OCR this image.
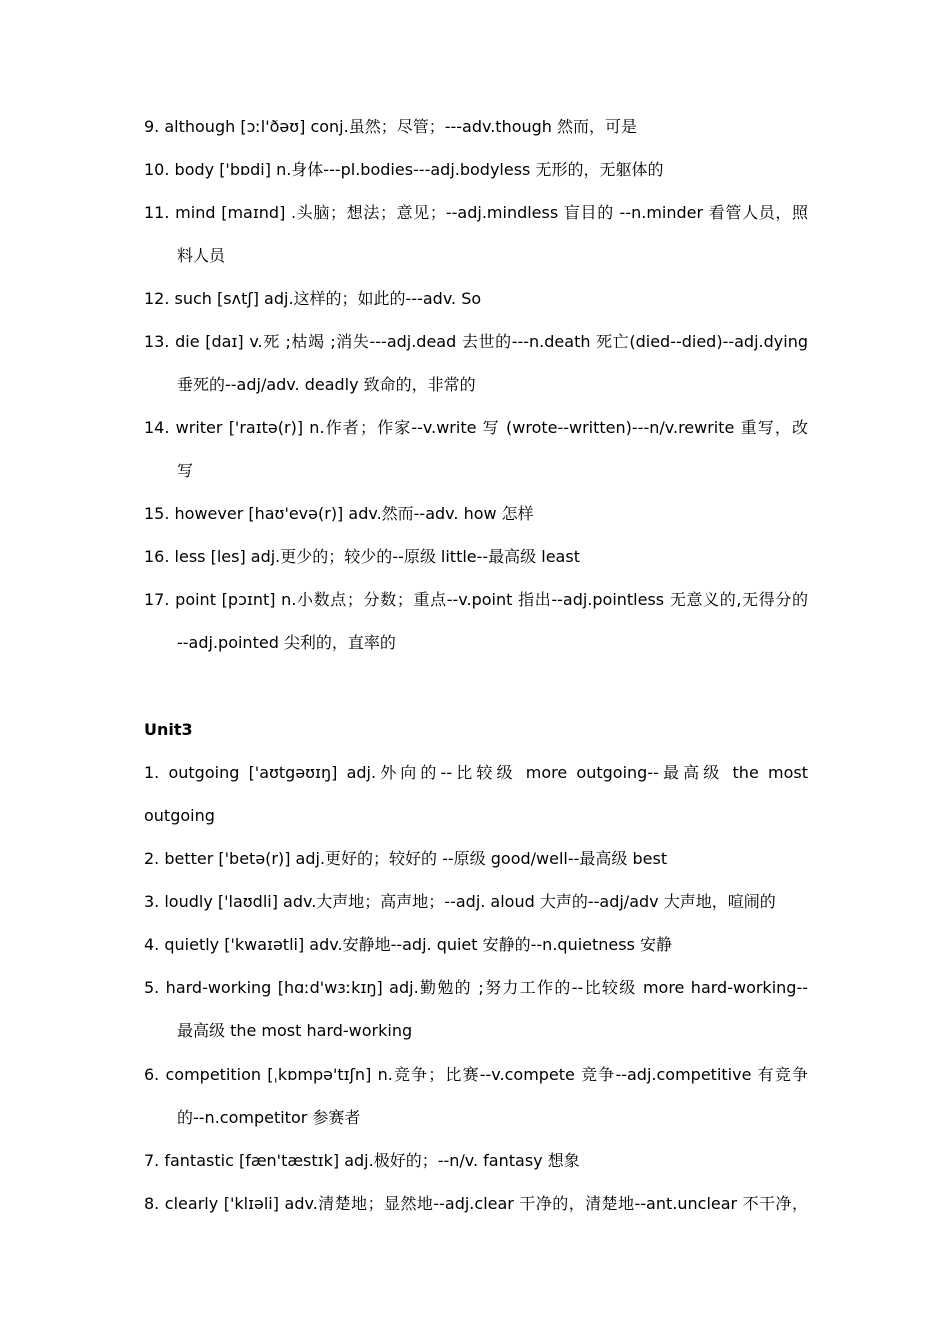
9. although [ɔːl'ðəʊ] conj.虽然；尽管；---adv.though 然而，可是
10. body ['bɒdi] n.身体---pl.bodies---adj.bodyless 无形的，无躯体的
11. mind [maɪnd] .头脑；想法；意见；--adj.mindless 盲目的 --n.minder 看管人员，照
料人员
12. such [sʌtʃ] adj.这样的；如此的---adv. So
13. die [daɪ] v.死 ;枯竭 ;消失---adj.dead 去世的---n.death 死亡(died--died)--adj.dying
垂死的--adj/adv. deadly 致命的，非常的
14. writer ['raɪtə(r)] n.作者；作家--v.write 写 (wrote--written)---n/v.rewrite 重写，改
写
15. however [haʊ'evə(r)] adv.然而--adv. how 怎样
16. less [les] adj.更少的；较少的--原级 little--最高级 least
17. point [pɔɪnt] n.小数点；分数；重点--v.point 指出--adj.pointless 无意义的,无得分的
--adj.pointed 尖利的，直率的
Unit3
1. outgoing ['aʊtgəʊɪŋ] adj.外向的--比较级 more outgoing--最高级 the most
outgoing
2. better ['betə(r)] adj.更好的；较好的 --原级 good/well--最高级 best
3. loudly ['laʊdli] adv.大声地；高声地；--adj. aloud 大声的--adj/adv 大声地，喧闹的
4. quietly ['kwaɪətli] adv.安静地--adj. quiet 安静的--n.quietness 安静
5. hard-working [hɑːd'wɜːkɪŋ] adj.勤勉的 ;努力工作的--比较级 more hard-working--
最高级 the most hard-working
6. competition [ˌkɒmpə'tɪʃn] n.竞争；比赛--v.compete 竞争--adj.competitive 有竞争
的--n.competitor 参赛者
7. fantastic [fæn'tæstɪk] adj.极好的；--n/v. fantasy 想象
8. clearly ['klɪəli] adv.清楚地；显然地--adj.clear 干净的，清楚地--ant.unclear 不干净，
